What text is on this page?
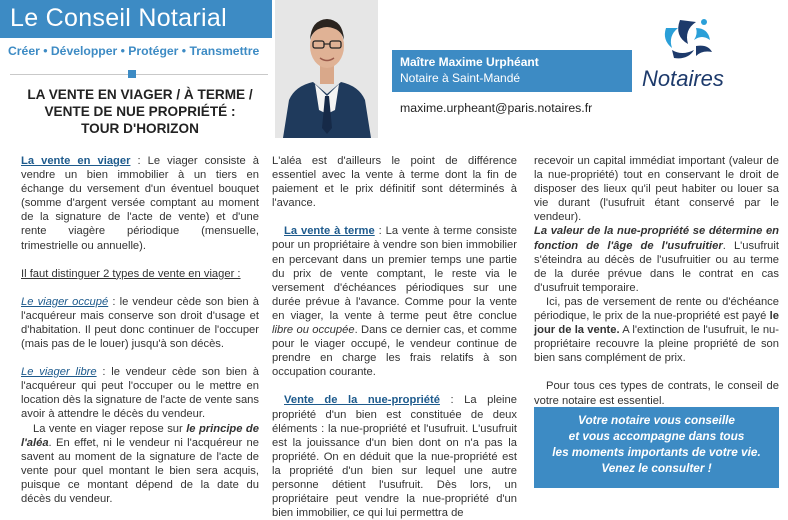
Le Conseil Notarial
Créer • Développer • Protéger • Transmettre
LA VENTE EN VIAGER / À TERME /
VENTE DE NUE PROPRIÉTÉ :
TOUR D'HORIZON
Maître Maxime Urphéant
Notaire à Saint-Mandé
maxime.urpheant@paris.notaires.fr
Notaires

La vente en viager : Le viager consiste à vendre un bien immobilier à un tiers en échange du versement d'un éventuel bouquet (somme d'argent versée comptant au moment de la signature de l'acte de vente) et d'une rente viagère périodique (mensuelle, trimestrielle ou annuelle).

Il faut distinguer 2 types de vente en viager :

Le viager occupé : le vendeur cède son bien à l'acquéreur mais conserve son droit d'usage et d'habitation. Il peut donc continuer de l'occuper (mais pas de le louer) jusqu'à son décès.

Le viager libre : le vendeur cède son bien à l'acquéreur qui peut l'occuper ou le mettre en location dès la signature de l'acte de vente sans avoir à attendre le décès du vendeur.

La vente en viager repose sur le principe de l'aléa. En effet, ni le vendeur ni l'acquéreur ne savent au moment de la signature de l'acte de vente pour quel montant le bien sera acquis, puisque ce montant dépend de la date du décès du vendeur.

L'aléa est d'ailleurs le point de différence essentiel avec la vente à terme dont la fin de paiement et le prix définitif sont déterminés à l'avance.

La vente à terme : La vente à terme consiste pour un propriétaire à vendre son bien immobilier en percevant dans un premier temps une partie du prix de vente comptant, le reste via le versement d'échéances périodiques sur une durée prévue à l'avance. Comme pour la vente en viager, la vente à terme peut être conclue libre ou occupée. Dans ce dernier cas, et comme pour le viager occupé, le vendeur continue de prendre en charge les frais relatifs à son occupation courante.

Vente de la nue-propriété : La pleine propriété d'un bien est constituée de deux éléments : la nue-propriété et l'usufruit. L'usufruit est la jouissance d'un bien dont on n'a pas la propriété. On en déduit que la nue-propriété est la propriété d'un bien sur lequel une autre personne détient l'usufruit. Dès lors, un propriétaire peut vendre la nue-propriété d'un bien immobilier, ce qui lui permettra de

recevoir un capital immédiat important (valeur de la nue-propriété) tout en conservant le droit de disposer des lieux qu'il peut habiter ou louer sa vie durant (l'usufruit étant conservé par le vendeur).

La valeur de la nue-propriété se détermine en fonction de l'âge de l'usufruitier. L'usufruit s'éteindra au décès de l'usufruitier ou au terme de la durée prévue dans le contrat en cas d'usufruit temporaire.

Ici, pas de versement de rente ou d'échéance périodique, le prix de la nue-propriété est payé le jour de la vente. A l'extinction de l'usufruit, le nu-propriétaire recouvre la pleine propriété de son bien sans complément de prix.

Pour tous ces types de contrats, le conseil de votre notaire est essentiel.

Votre notaire vous conseille
et vous accompagne dans tous
les moments importants de votre vie.
Venez le consulter !
